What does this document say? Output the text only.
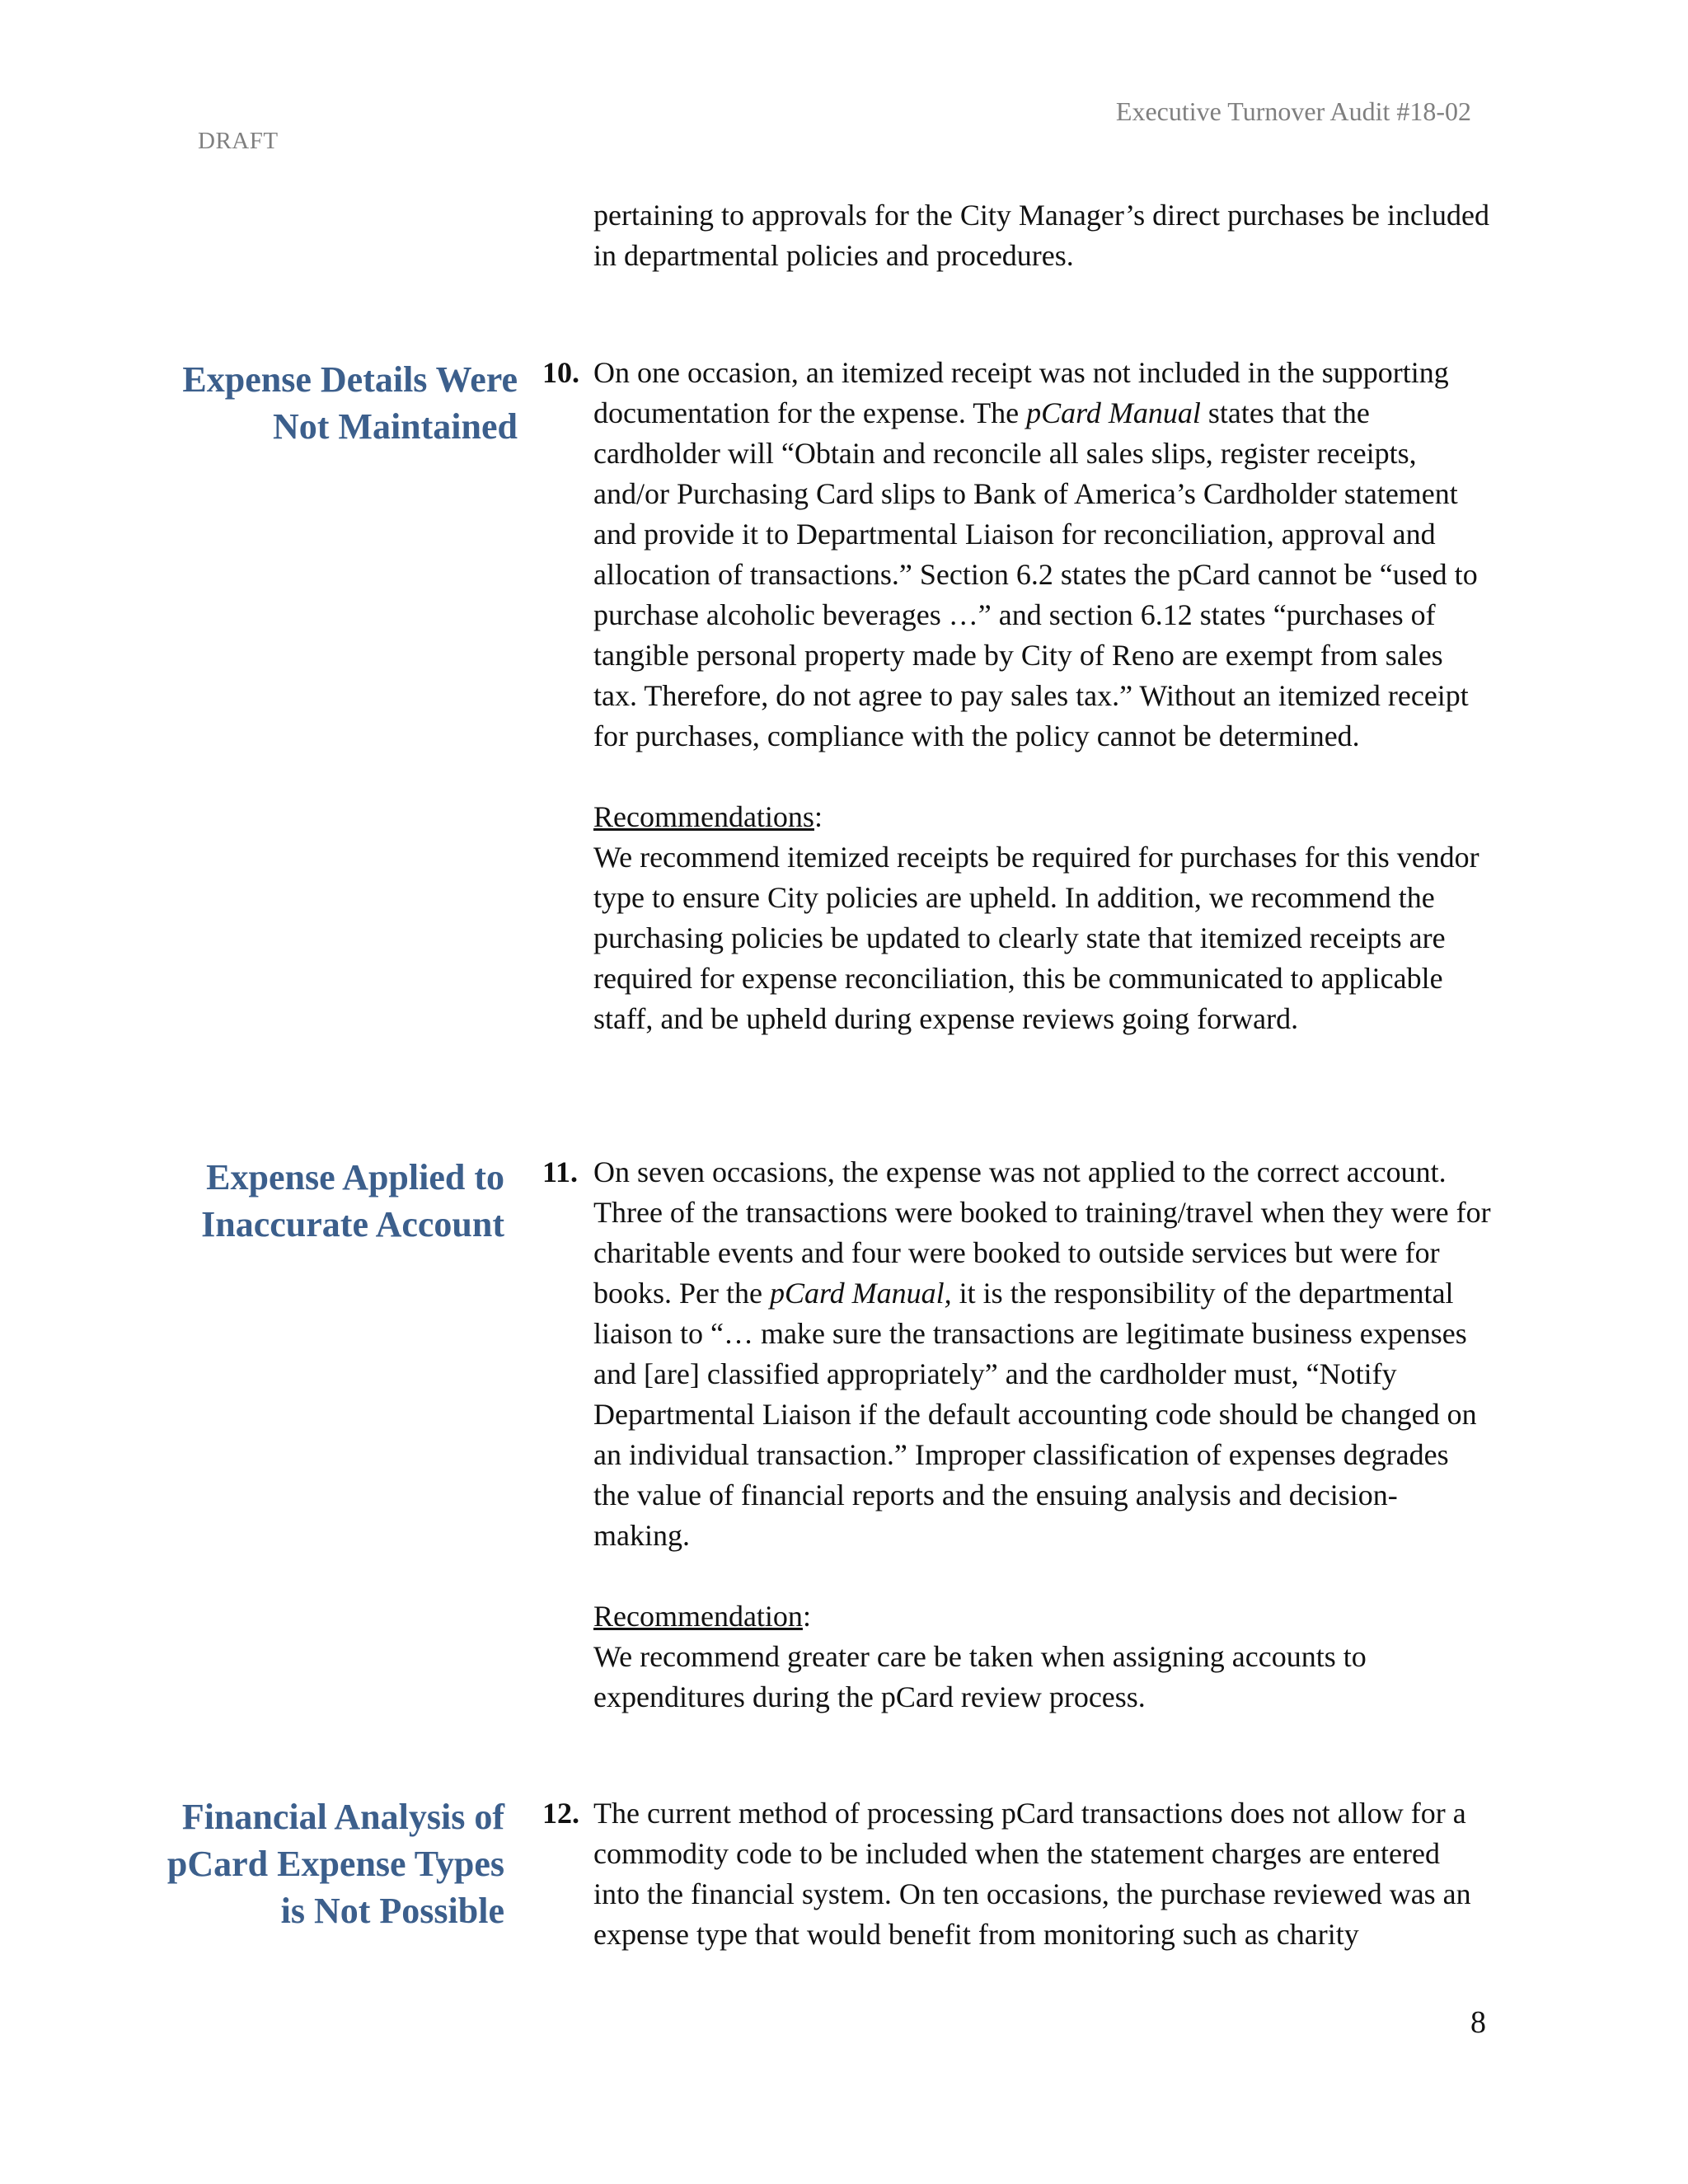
Executive Turnover Audit #18-02
DRAFT

pertaining to approvals for the City Manager’s direct purchases be included in departmental policies and procedures.

Expense Details Were
Not Maintained
10. On one occasion, an itemized receipt was not included in the supporting documentation for the expense. The pCard Manual states that the cardholder will “Obtain and reconcile all sales slips, register receipts, and/or Purchasing Card slips to Bank of America’s Cardholder statement and provide it to Departmental Liaison for reconciliation, approval and allocation of transactions.” Section 6.2 states the pCard cannot be “used to purchase alcoholic beverages …” and section 6.12 states “purchases of tangible personal property made by City of Reno are exempt from sales tax. Therefore, do not agree to pay sales tax.” Without an itemized receipt for purchases, compliance with the policy cannot be determined.

Recommendations:

We recommend itemized receipts be required for purchases for this vendor type to ensure City policies are upheld. In addition, we recommend the purchasing policies be updated to clearly state that itemized receipts are required for expense reconciliation, this be communicated to applicable staff, and be upheld during expense reviews going forward.

Expense Applied to
Inaccurate Account
11. On seven occasions, the expense was not applied to the correct account. Three of the transactions were booked to training/travel when they were for charitable events and four were booked to outside services but were for books. Per the pCard Manual, it is the responsibility of the departmental liaison to “… make sure the transactions are legitimate business expenses and [are] classified appropriately” and the cardholder must, “Notify Departmental Liaison if the default accounting code should be changed on an individual transaction.” Improper classification of expenses degrades the value of financial reports and the ensuing analysis and decision-making.

Recommendation:

We recommend greater care be taken when assigning accounts to expenditures during the pCard review process.

Financial Analysis of
pCard Expense Types
is Not Possible
12. The current method of processing pCard transactions does not allow for a commodity code to be included when the statement charges are entered into the financial system. On ten occasions, the purchase reviewed was an expense type that would benefit from monitoring such as charity

8
